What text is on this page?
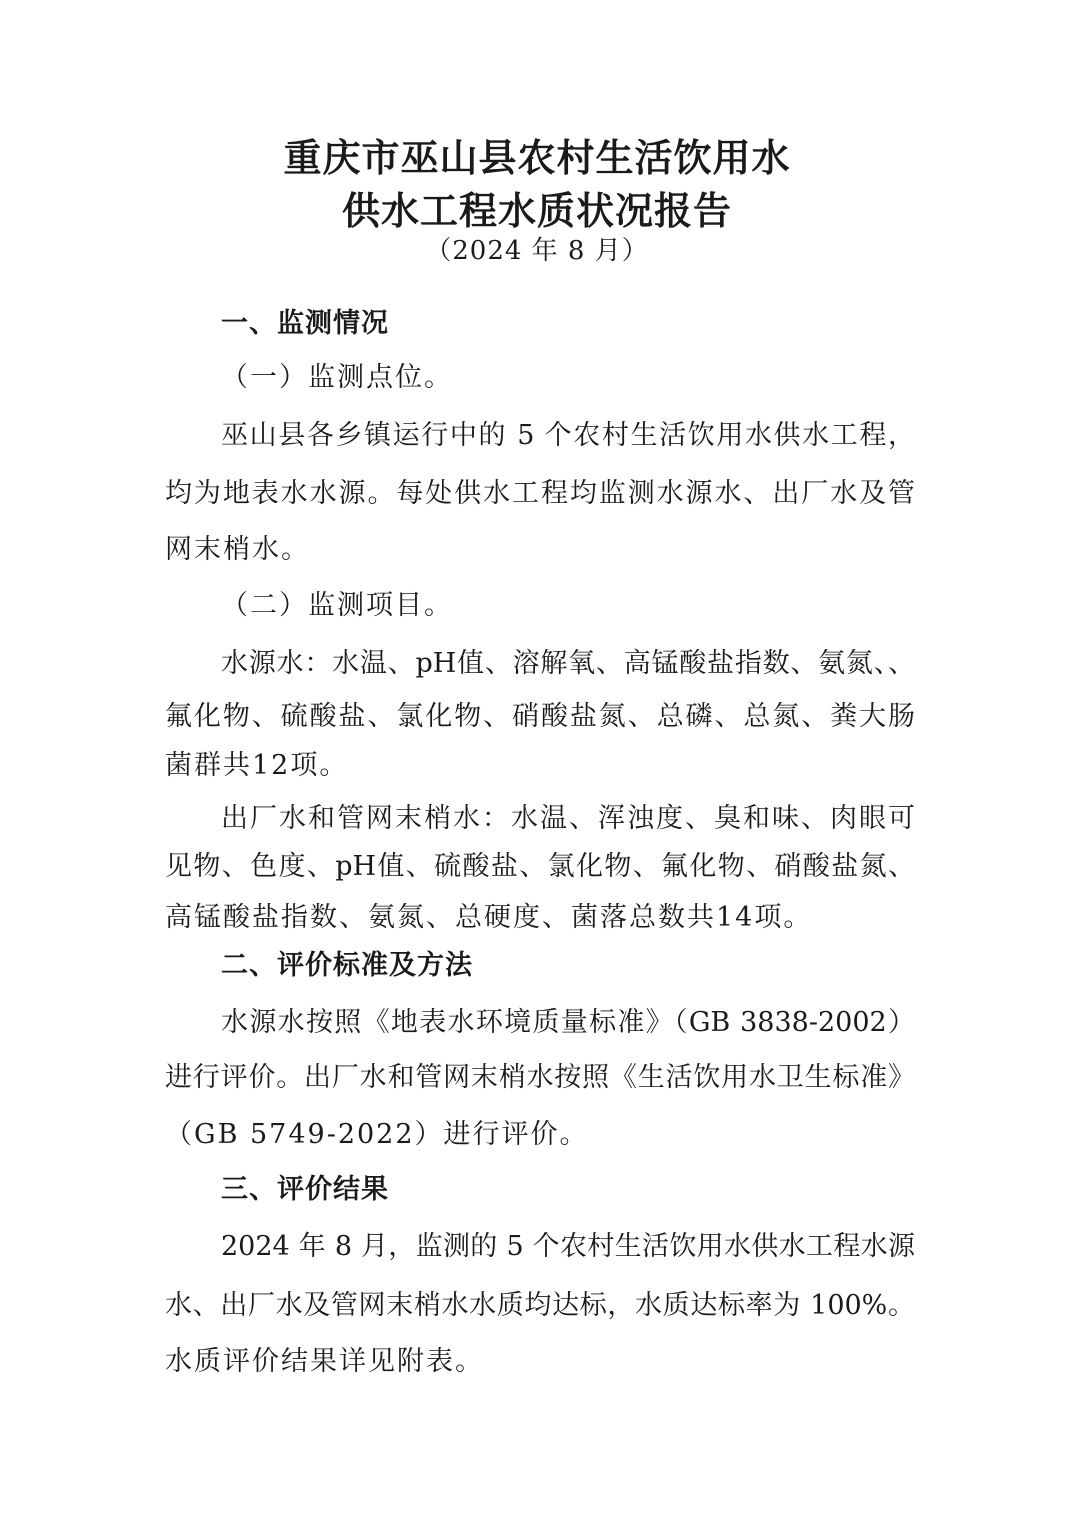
重庆市巫山县农村生活饮用水
供水工程水质状况报告
（2024 年 8 月）
一、监测情况
（一）监测点位。
巫山县各乡镇运行中的 5 个农村生活饮用水供水工程，
均为地表水水源。每处供水工程均监测水源水、出厂水及管
网末梢水。
（二）监测项目。
水源水：水温、pH值、溶解氧、高锰酸盐指数、氨氮、、
氟化物、硫酸盐、氯化物、硝酸盐氮、总磷、总氮、粪大肠
菌群共12项。
出厂水和管网末梢水：水温、浑浊度、臭和味、肉眼可
见物、色度、pH值、硫酸盐、氯化物、氟化物、硝酸盐氮、
高锰酸盐指数、氨氮、总硬度、菌落总数共14项。
二、评价标准及方法
水源水按照《地表水环境质量标准》（GB 3838-2002）
进行评价。出厂水和管网末梢水按照《生活饮用水卫生标准》
（GB 5749-2022）进行评价。
三、评价结果
2024 年 8 月，监测的 5 个农村生活饮用水供水工程水源
水、出厂水及管网末梢水水质均达标，水质达标率为 100%。
水质评价结果详见附表。
